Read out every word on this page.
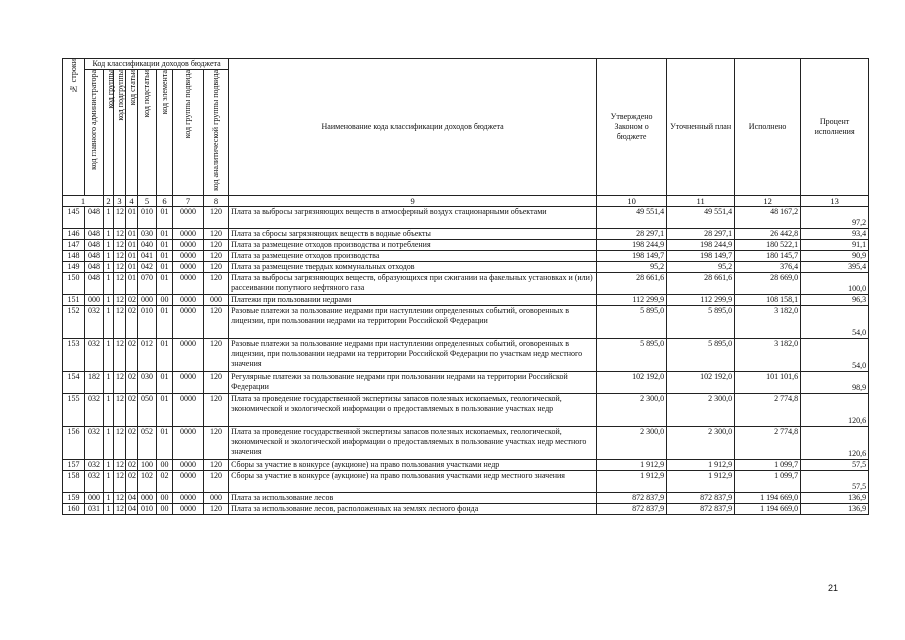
№ строки	Код классификации доходов бюджета								Наименование кода классификации доходов бюджета	Утверждено Законом о бюджете	Уточненный план	Исполнено	Процент исполнения
	код главного администратора	код группы	код подгруппы	код статьи	код подстатьи	код элемента	код группы подвида	код аналитической группы подвида					
1		2	3	4	5	6	7	8	9	10	11	12	13
145	048	1	12	01	010	01	0000	120	Плата за выбросы загрязняющих веществ в атмосферный воздух стационарными объектами	49 551,4	49 551,4	48 167,2	97,2
146	048	1	12	01	030	01	0000	120	Плата за сбросы загрязняющих веществ в водные объекты	28 297,1	28 297,1	26 442,8	93,4
147	048	1	12	01	040	01	0000	120	Плата за размещение отходов производства и потребления	198 244,9	198 244,9	180 522,1	91,1
148	048	1	12	01	041	01	0000	120	Плата за размещение отходов производства	198 149,7	198 149,7	180 145,7	90,9
149	048	1	12	01	042	01	0000	120	Плата за размещение твердых коммунальных отходов	95,2	95,2	376,4	395,4
150	048	1	12	01	070	01	0000	120	Плата за выбросы загрязняющих веществ, образующихся при сжигании на факельных установках и (или) рассеивании попутного нефтяного газа	28 661,6	28 661,6	28 669,0	100,0
151	000	1	12	02	000	00	0000	000	Платежи при пользовании недрами	112 299,9	112 299,9	108 158,1	96,3
152	032	1	12	02	010	01	0000	120	Разовые платежи за пользование недрами при наступлении определенных событий, оговоренных в лицензии, при пользовании недрами на территории Российской Федерации	5 895,0	5 895,0	3 182,0	54,0
153	032	1	12	02	012	01	0000	120	Разовые платежи за пользование недрами при наступлении определенных событий, оговоренных в лицензии, при пользовании недрами на территории Российской Федерации по участкам недр местного значения	5 895,0	5 895,0	3 182,0	54,0
154	182	1	12	02	030	01	0000	120	Регулярные платежи за пользование недрами при пользовании недрами на территории Российской Федерации	102 192,0	102 192,0	101 101,6	98,9
155	032	1	12	02	050	01	0000	120	Плата за проведение государственной экспертизы запасов полезных ископаемых, геологической, экономической и экологической информации о предоставляемых в пользование участках недр	2 300,0	2 300,0	2 774,8	120,6
156	032	1	12	02	052	01	0000	120	Плата за проведение государственной экспертизы запасов полезных ископаемых, геологической, экономической и экологической информации о предоставляемых в пользование участках недр местного значения	2 300,0	2 300,0	2 774,8	120,6
157	032	1	12	02	100	00	0000	120	Сборы за участие в конкурсе (аукционе) на право пользования участками недр	1 912,9	1 912,9	1 099,7	57,5
158	032	1	12	02	102	02	0000	120	Сборы за участие в конкурсе (аукционе) на право пользования участками недр местного значения	1 912,9	1 912,9	1 099,7	57,5
159	000	1	12	04	000	00	0000	000	Плата за использование лесов	872 837,9	872 837,9	1 194 669,0	136,9
160	031	1	12	04	010	00	0000	120	Плата за использование лесов, расположенных на землях лесного фонда	872 837,9	872 837,9	1 194 669,0	136,9
21
